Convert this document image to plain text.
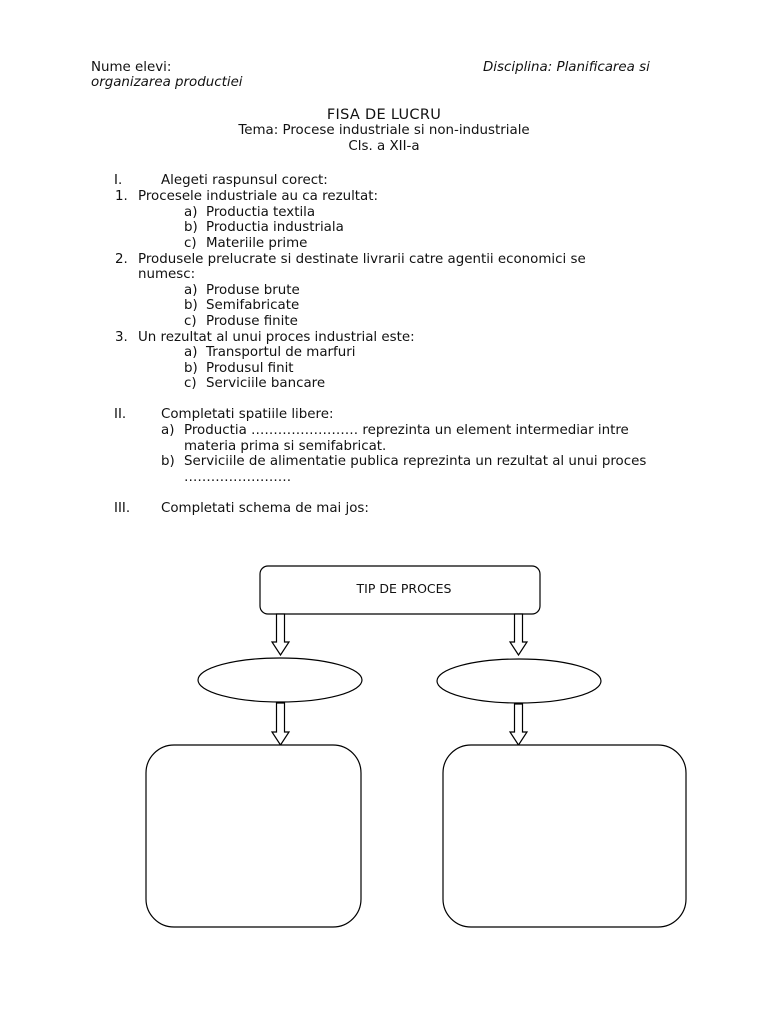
Nume elevi:	Disciplina: Planificarea si
organizarea productiei
FISA DE LUCRU
Tema: Procese industriale si non-industriale
Cls. a XII-a
I.	Alegeti raspunsul corect:
1. Procesele industriale au ca rezultat:
a) Productia textila
b) Productia industriala
c) Materiile prime
2. Produsele prelucrate si destinate livrarii catre agentii economici se
numesc:
a) Produse brute
b) Semifabricate
c) Produse finite
3. Un rezultat al unui proces industrial este:
a) Transportul de marfuri
b) Produsul finit
c) Serviciile bancare
II.	Completati spatiile libere:
a) Productia …………………… reprezinta un element intermediar intre
materia prima si semifabricat.
b) Serviciile de alimentatie publica reprezinta un rezultat al unui proces
……………………
III. Completati schema de mai jos:
TIP DE PROCES
